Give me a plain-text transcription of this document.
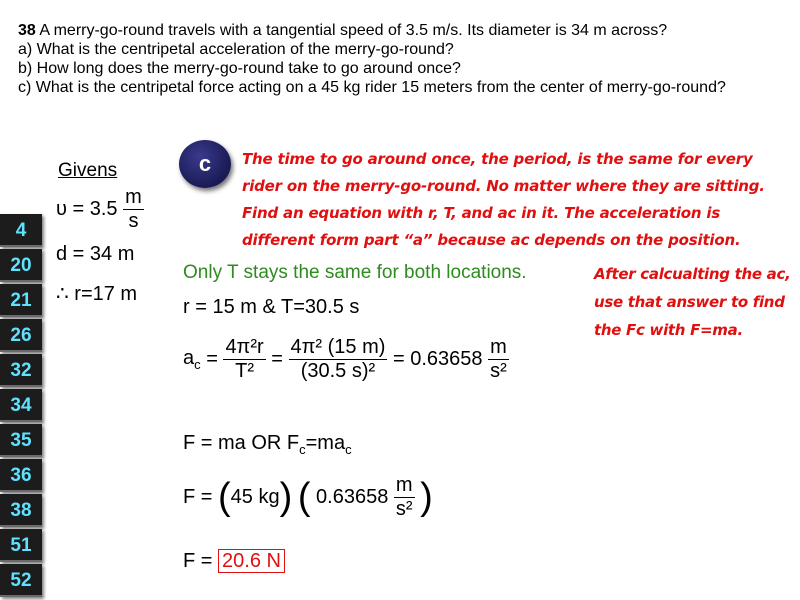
38 A merry-go-round travels with a tangential speed of 3.5 m/s. Its diameter is 34 m across?

a) What is the centripetal acceleration of the merry-go-round?

b) How long does the merry-go-round take to go around once?

c) What is the centripetal force acting on a 45 kg rider 15 meters from the center of merry-go-round?

Givens
$\upsilon = 3.5 \frac{m}{s}$
d = 34 m
∴ r=17 m
4
20
21
26
32
34
35
36
38
51
52
c	The time to go around once, the period, is the same for every rider on the merry-go-round. No matter where they are sitting. Find an equation with r, T, and aᴄ in it. The acceleration is different form part “a” because aᴄ depends on the position.
After calcualting the aᴄ, use that answer to find the Fc with F=ma.
Only T stays the same for both locations.
r = 15 m & T=30.5 s
$a_c = \frac{\text{4π²r}}{\text{T²}} = \frac{\text{4π² (15 m)}}{\text{(30.5 s)²}} = 0.63658 \frac{m}{\text{s²}}$
F = ma OR $F_c=ma_c$
F = (45 kg) ( $0.63658 \frac{m}{\text{s²}}$ )
F = 20.6 N
